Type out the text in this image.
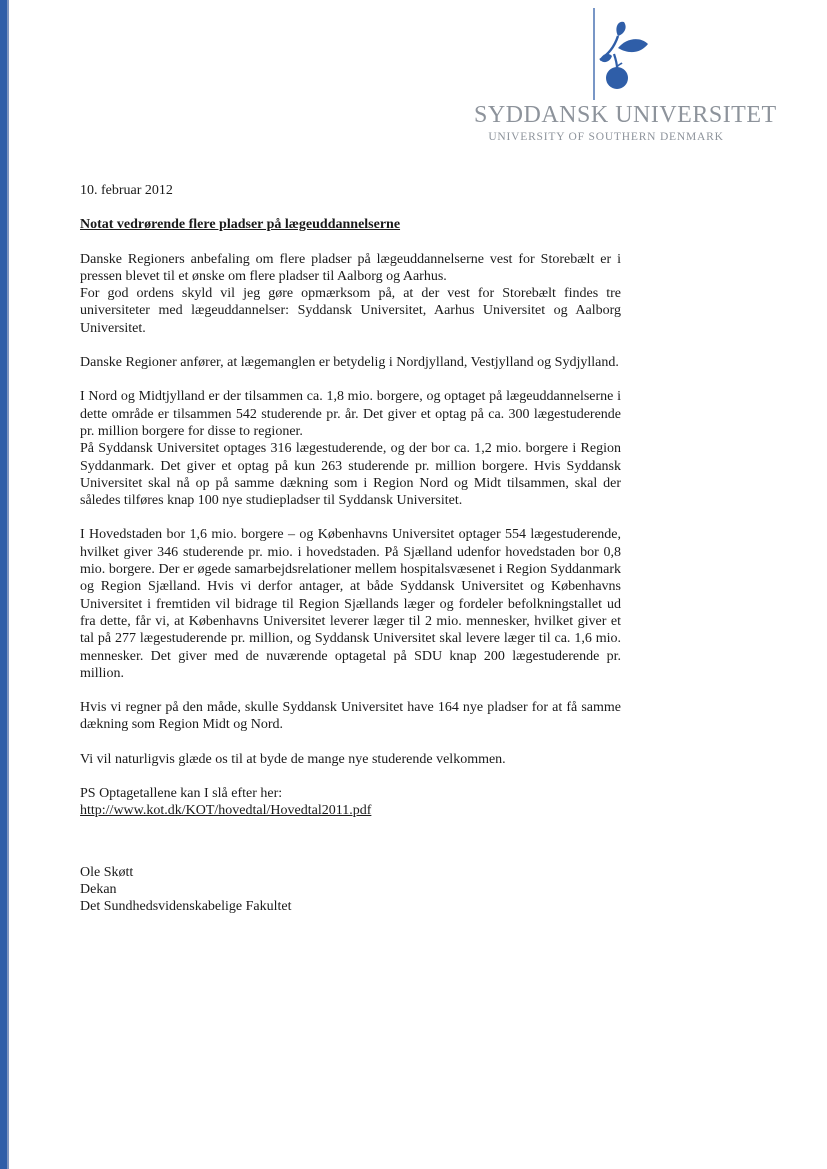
SYDDANSK UNIVERSITET
UNIVERSITY OF SOUTHERN DENMARK
10. februar 2012
Notat vedrørende flere pladser på lægeuddannelserne
Danske Regioners anbefaling om flere pladser på lægeuddannelserne vest for Storebælt er i pressen blevet til et ønske om flere pladser til Aalborg og Aarhus.
For god ordens skyld vil jeg gøre opmærksom på, at der vest for Storebælt findes tre universiteter med lægeuddannelser: Syddansk Universitet, Aarhus Universitet og Aalborg Universitet.
Danske Regioner anfører, at lægemanglen er betydelig i Nordjylland, Vestjylland og Sydjylland.
I Nord og Midtjylland er der tilsammen ca. 1,8 mio. borgere, og optaget på lægeuddannelserne i dette område er tilsammen 542 studerende pr. år. Det giver et optag på ca. 300 lægestuderende pr. million borgere for disse to regioner.
På Syddansk Universitet optages 316 lægestuderende, og der bor ca. 1,2 mio. borgere i Region Syddanmark. Det giver et optag på kun 263 studerende pr. million borgere. Hvis Syddansk Universitet skal nå op på samme dækning som i Region Nord og Midt tilsammen, skal der således tilføres knap 100 nye studiepladser til Syddansk Universitet.
I Hovedstaden bor 1,6 mio. borgere – og Københavns Universitet optager 554 lægestuderende, hvilket giver 346 studerende pr. mio. i hovedstaden. På Sjælland udenfor hovedstaden bor 0,8 mio. borgere. Der er øgede samarbejdsrelationer mellem hospitalsvæsenet i Region Syddanmark og Region Sjælland. Hvis vi derfor antager, at både Syddansk Universitet og Københavns Universitet i fremtiden vil bidrage til Region Sjællands læger og fordeler befolkningstallet ud fra dette, får vi, at Københavns Universitet leverer læger til 2 mio. mennesker, hvilket giver et tal på 277 lægestuderende pr. million, og Syddansk Universitet skal levere læger til ca. 1,6 mio. mennesker. Det giver med de nuværende optagetal på SDU knap 200 lægestuderende pr. million.
Hvis vi regner på den måde, skulle Syddansk Universitet have 164 nye pladser for at få samme dækning som Region Midt og Nord.
Vi vil naturligvis glæde os til at byde de mange nye studerende velkommen.
PS Optagetallene kan I slå efter her:
http://www.kot.dk/KOT/hovedtal/Hovedtal2011.pdf
Ole Skøtt
Dekan
Det Sundhedsvidenskabelige Fakultet
